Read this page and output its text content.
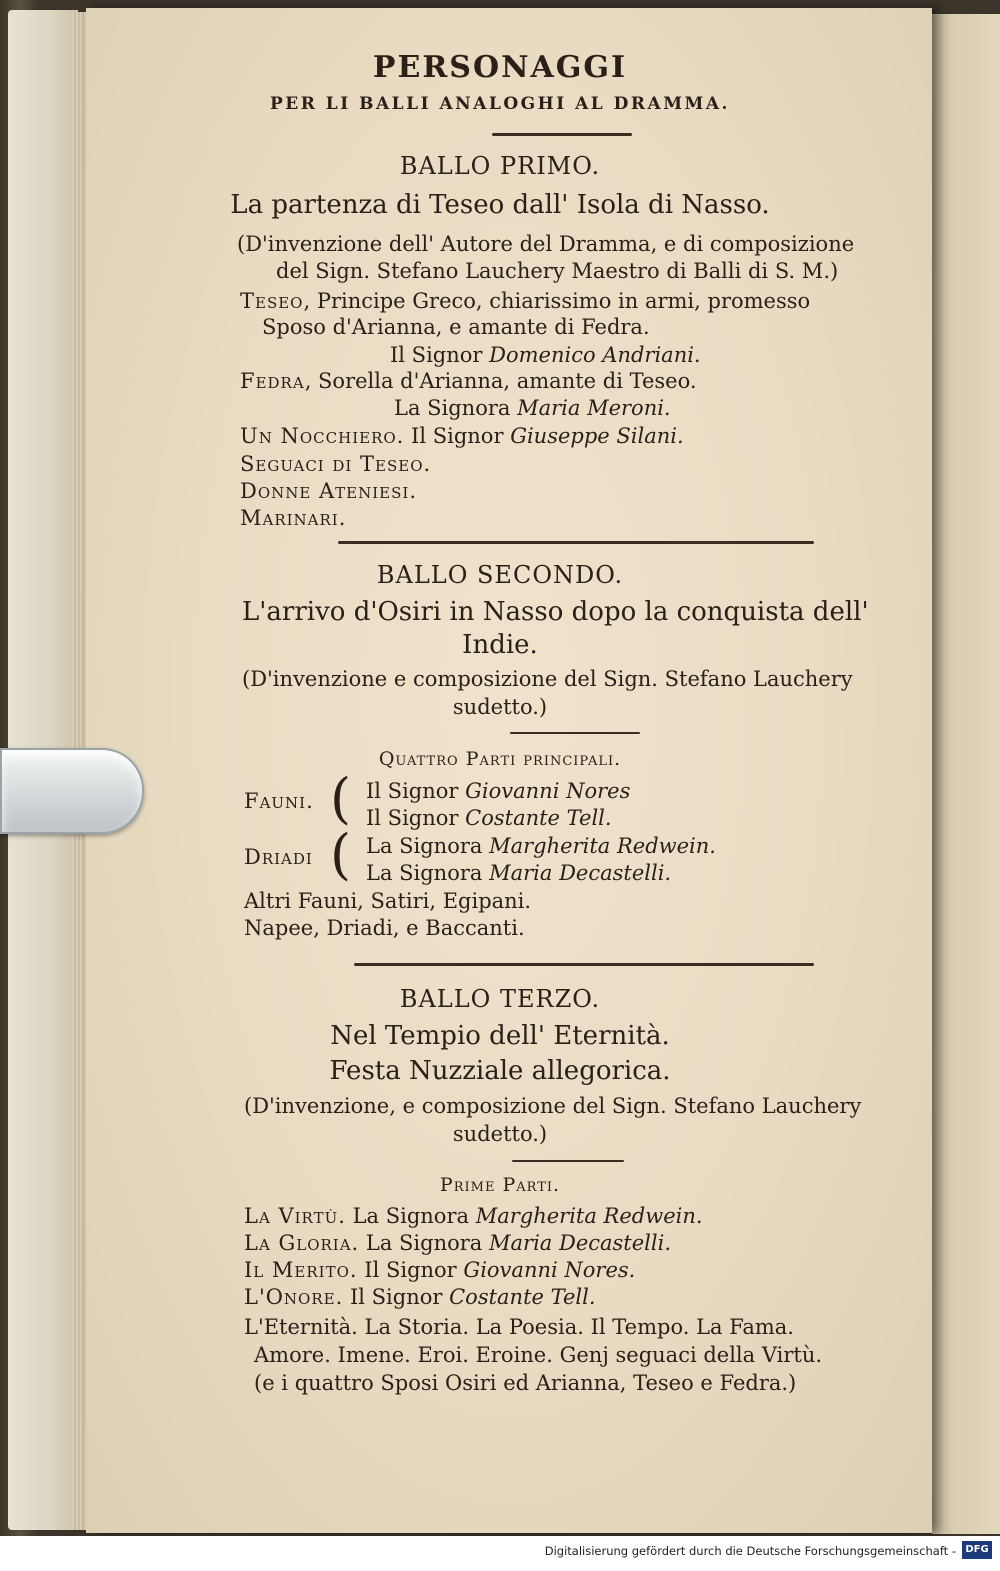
PERSONAGGI
PER LI BALLI ANALOGHI AL DRAMMA.
BALLO PRIMO.
La partenza di Teseo dall' Isola di Nasso.
(D'invenzione dell' Autore del Dramma, e di composizione
del Sign. Stefano Lauchery Maestro di Balli di S. M.)
Teseo, Principe Greco, chiarissimo in armi, promesso
Sposo d'Arianna, e amante di Fedra.
Il Signor Domenico Andriani.
Fedra, Sorella d'Arianna, amante di Teseo.
La Signora Maria Meroni.
Un Nocchiero. Il Signor Giuseppe Silani.
Seguaci di Teseo.
Donne Ateniesi.
Marinari.
BALLO SECONDO.
L'arrivo d'Osiri in Nasso dopo la conquista dell'
Indie.
(D'invenzione e composizione del Sign. Stefano Lauchery
sudetto.)
Quattro Parti principali.
Fauni. ( Il Signor Giovanni Nores
Il Signor Costante Tell.
Driadi ( La Signora Margherita Redwein.
La Signora Maria Decastelli.
Altri Fauni, Satiri, Egipani.
Napee, Driadi, e Baccanti.
BALLO TERZO.
Nel Tempio dell' Eternità.
Festa Nuzziale allegorica.
(D'invenzione, e composizione del Sign. Stefano Lauchery
sudetto.)
Prime Parti.
La Virtù. La Signora Margherita Redwein.
La Gloria. La Signora Maria Decastelli.
Il Merito. Il Signor Giovanni Nores.
L'Onore. Il Signor Costante Tell.
L'Eternità. La Storia. La Poesia. Il Tempo. La Fama.
Amore. Imene. Eroi. Eroine. Genj seguaci della Virtù.
(e i quattro Sposi Osiri ed Arianna, Teseo e Fedra.)
Digitalisierung gefördert durch die Deutsche Forschungsgemeinschaft - DFG
